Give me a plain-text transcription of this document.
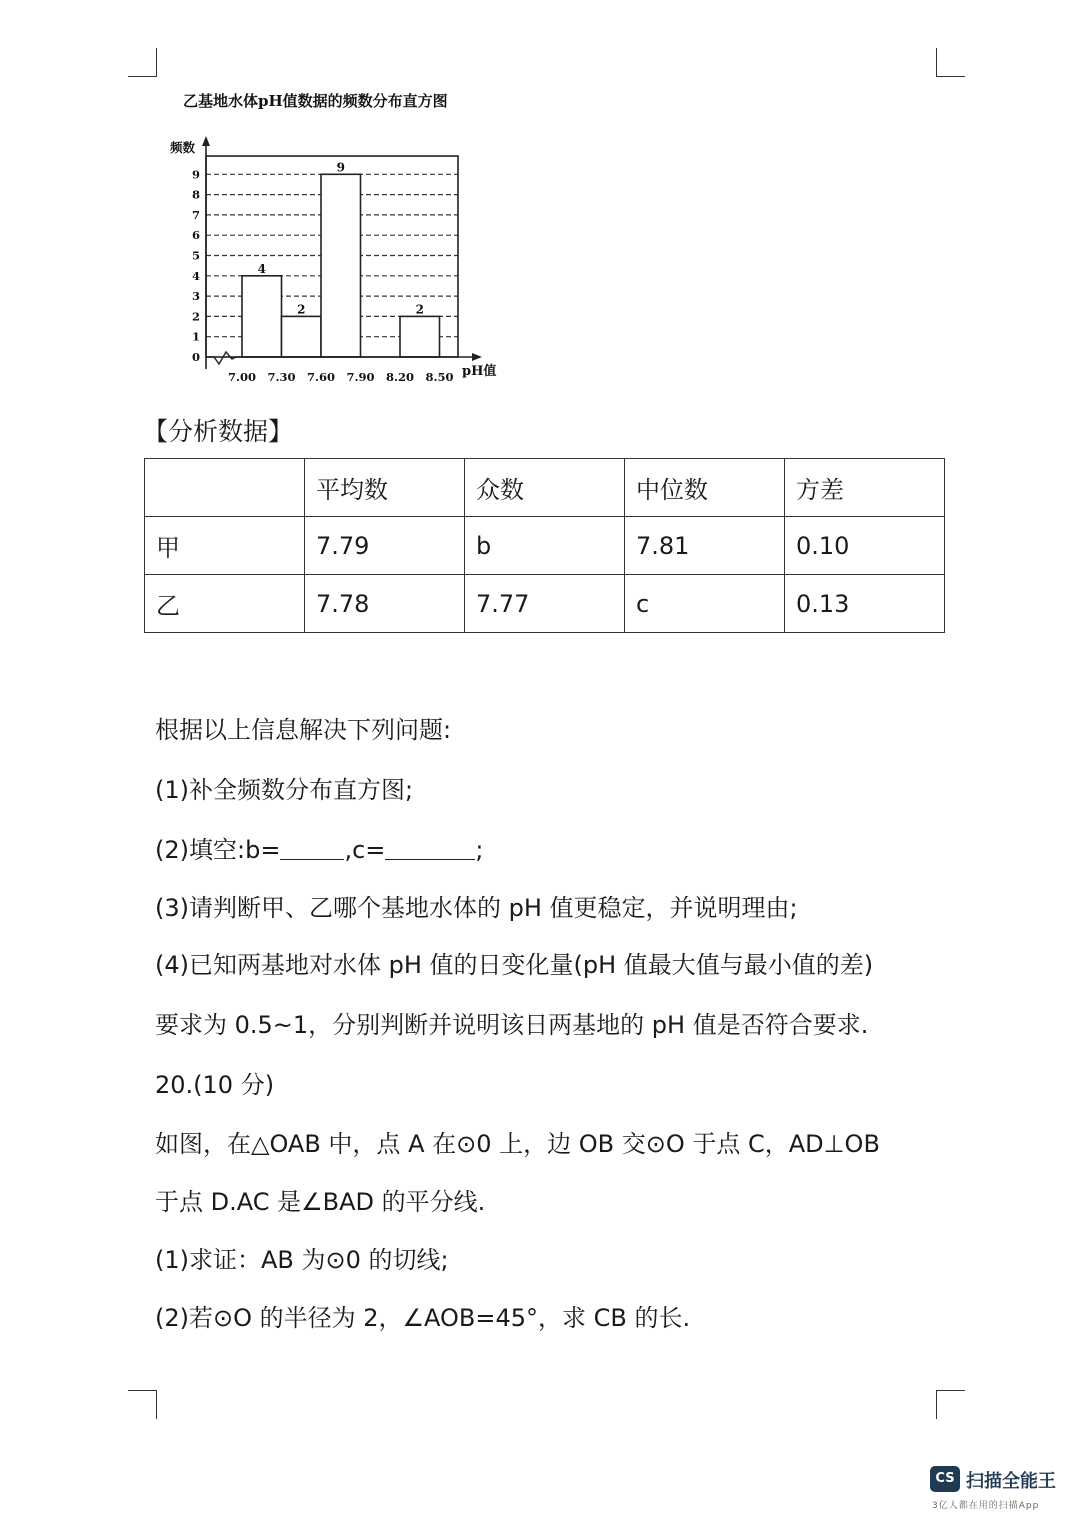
乙基地水体pH值数据的频数分布直方图
4
2
9
2
0
1
2
3
4
5
6
7
8
9
7.00 7.30 7.60 7.90 8.20 8.50
频数
pH值
【分析数据】
	平均数	众数	中位数	方差
甲	7.79	b	7.81	0.10
乙	7.78	7.77	c	0.13
根据以上信息解决下列问题:
(1)补全频数分布直方图;
(2)填空:b=	,c=	;
(3)请判断甲、乙哪个基地水体的 pH 值更稳定，并说明理由;
(4)已知两基地对水体 pH 值的日变化量(pH 值最大值与最小值的差)
要求为 0.5~1，分别判断并说明该日两基地的 pH 值是否符合要求.
20.(10 分)
如图，在△OAB 中，点 A 在⊙0 上，边 OB 交⊙O 于点 C，AD⊥OB
于点 D.AC 是∠BAD 的平分线.
(1)求证：AB 为⊙0 的切线;
(2)若⊙O 的半径为 2，∠AOB=45°，求 CB 的长.
CS 扫描全能王
3亿人都在用的扫描App
